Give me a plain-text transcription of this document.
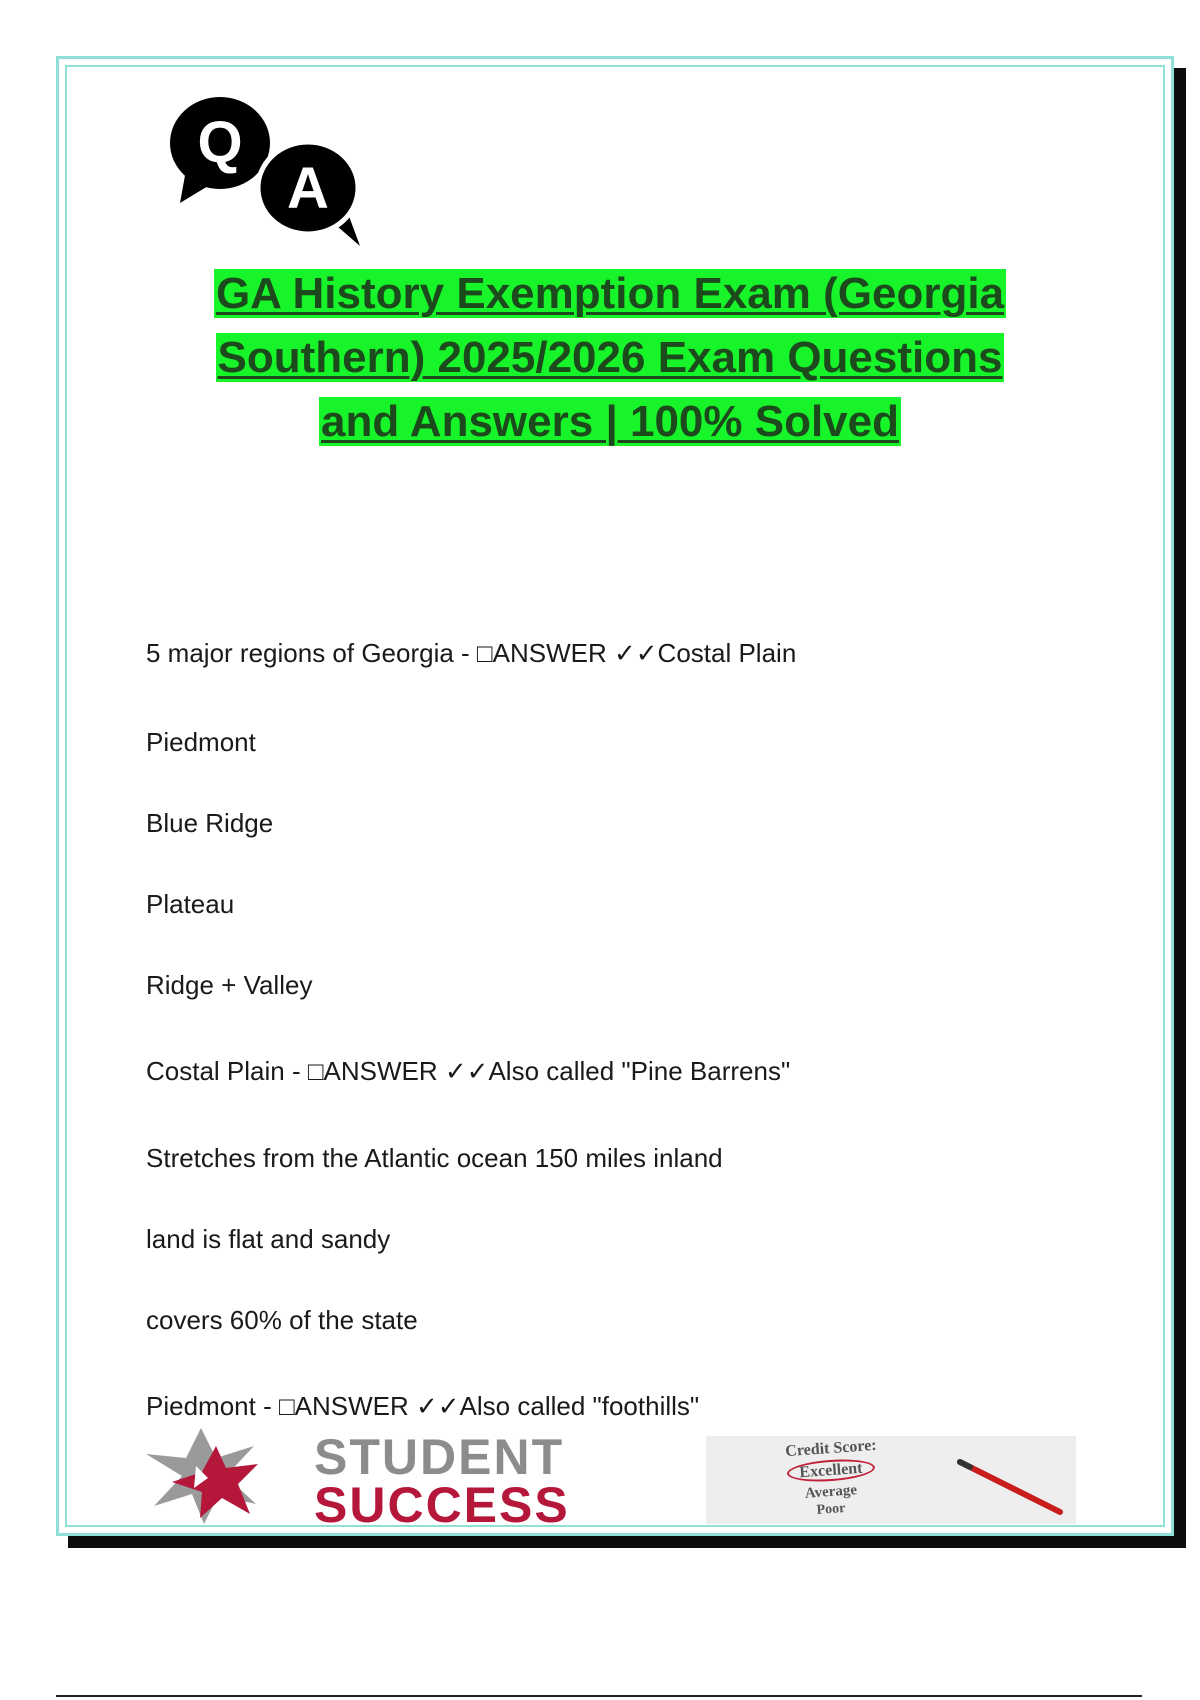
Q
A
GA History Exemption Exam (Georgia
Southern) 2025/2026 Exam Questions
and Answers | 100% Solved
5 major regions of Georgia - □ANSWER ✓✓Costal Plain
Piedmont
Blue Ridge
Plateau
Ridge + Valley
Costal Plain - □ANSWER ✓✓Also called "Pine Barrens"
Stretches from the Atlantic ocean 150 miles inland
land is flat and sandy
covers 60% of the state
Piedmont - □ANSWER ✓✓Also called "foothills"
STUDENT
SUCCESS
Credit Score:
Excellent
Average
Poor
